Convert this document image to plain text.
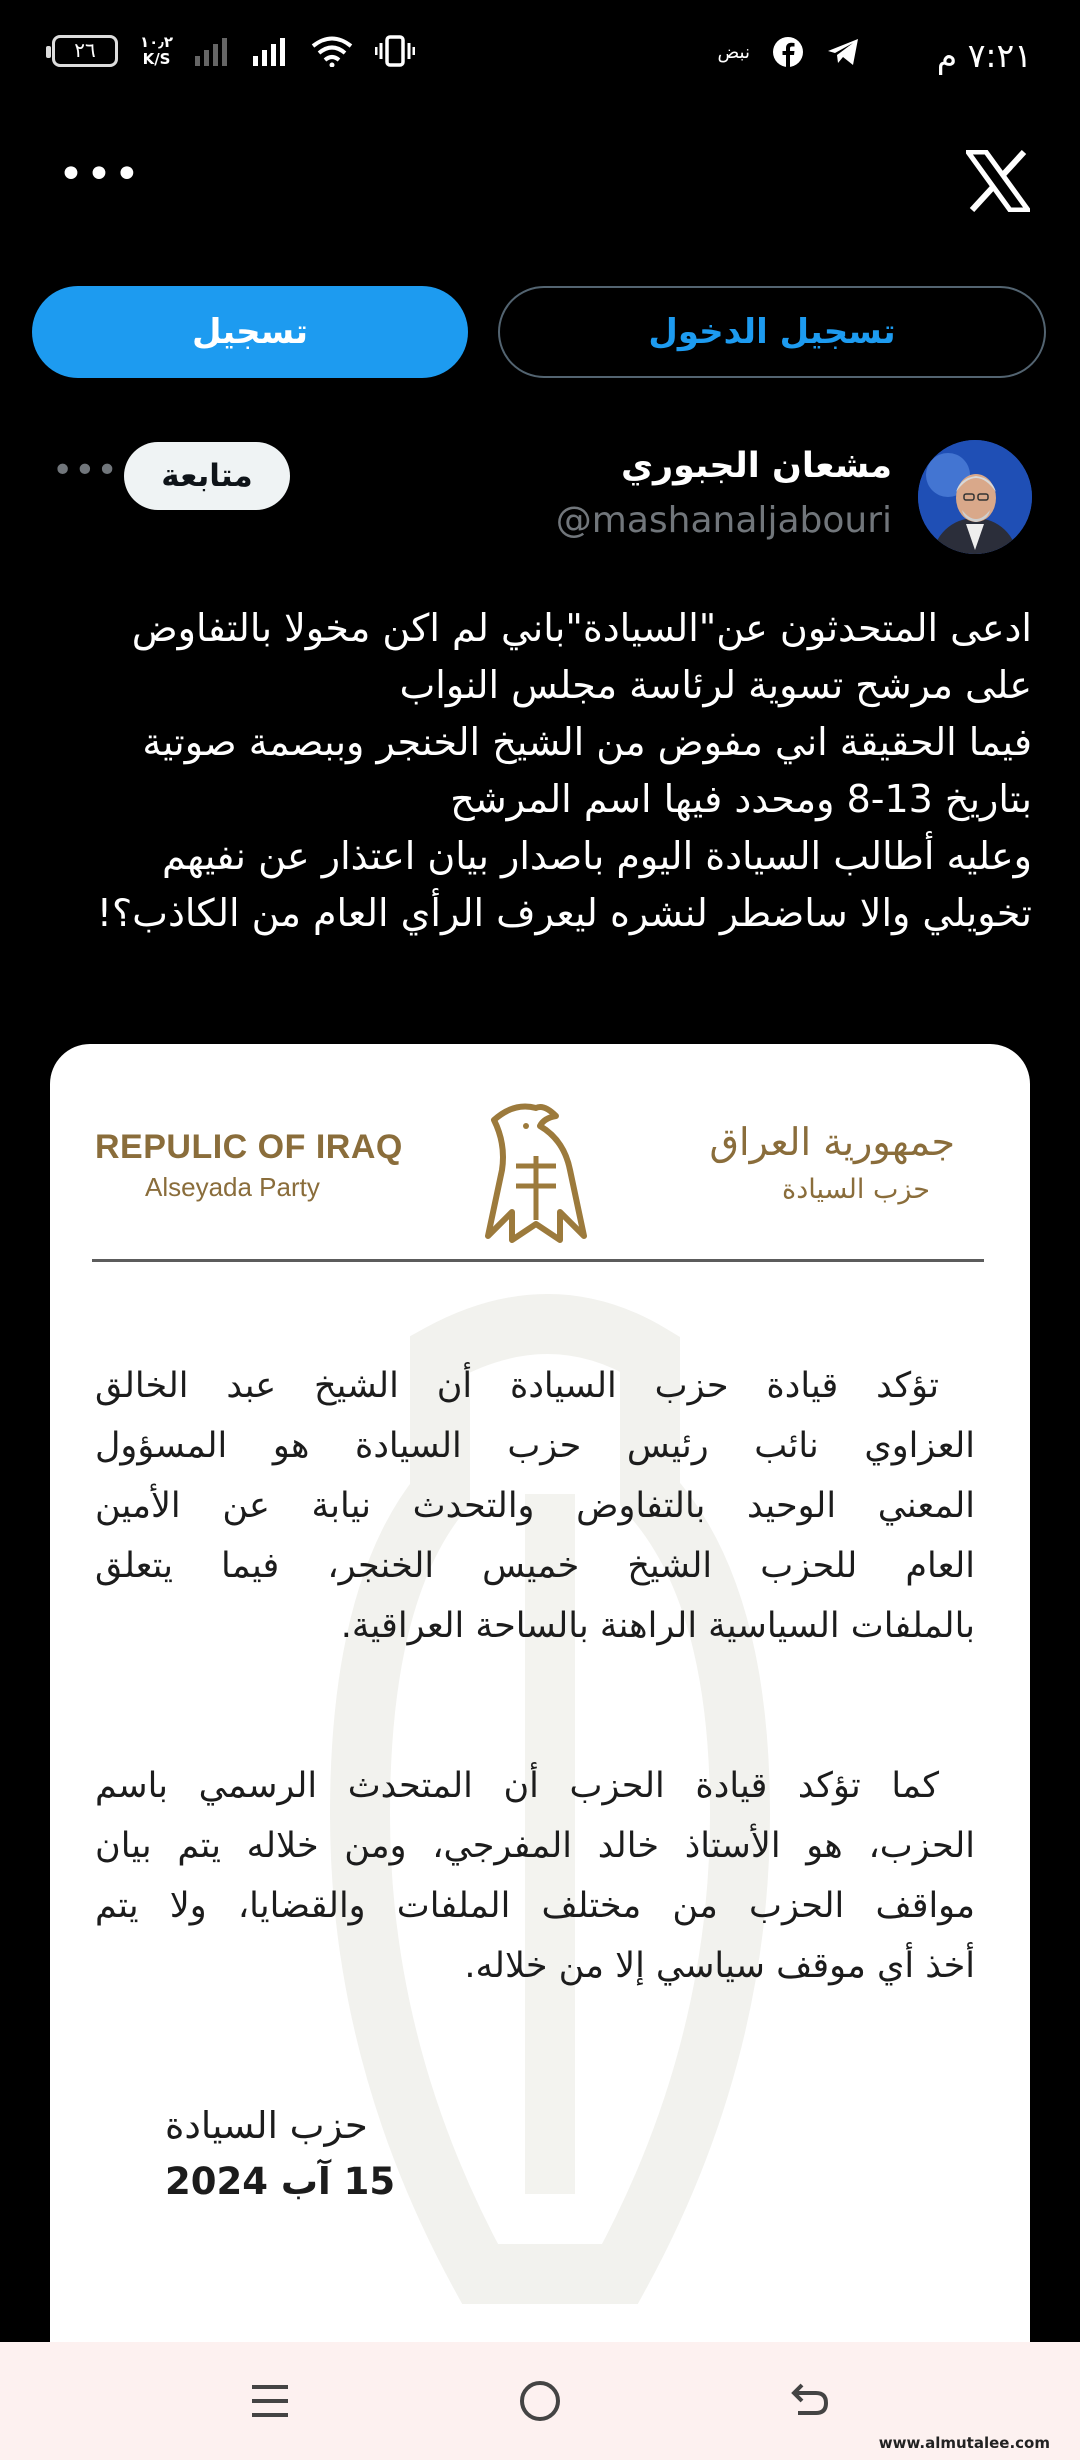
٢٦	١٠٫٢
K/S	نبض	٧:٢١ م
•••
تسجيل الدخول
تسجيل
مشعان الجبوري
@mashanaljabouri
متابعة
•••

ادعى المتحدثون عن"السيادة"باني لم اكن مخولا بالتفاوض

على مرشح تسوية لرئاسة مجلس النواب

فيما الحقيقة اني مفوض من الشيخ الخنجر وببصمة صوتية

بتاريخ 13-8 ومحدد فيها اسم المرشح

وعليه أطالب السيادة اليوم باصدار بيان اعتذار عن نفيهم

تخويلي والا ساضطر لنشره ليعرف الرأي العام من الكاذب؟!

REPULIC OF IRAQ
Alseyada Party
جمهورية العراق
حزب السيادة
تؤكد قيادة حزب السيادة أن الشيخ عبد الخالق
العزاوي نائب رئيس حزب السيادة هو المسؤول
المعني الوحيد بالتفاوض والتحدث نيابة عن الأمين
العام للحزب الشيخ خميس الخنجر، فيما يتعلق
بالملفات السياسية الراهنة بالساحة العراقية.
كما تؤكد قيادة الحزب أن المتحدث الرسمي باسم
الحزب، هو الأستاذ خالد المفرجي، ومن خلاله يتم بيان
مواقف الحزب من مختلف الملفات والقضايا، ولا يتم
أخذ أي موقف سياسي إلا من خلاله.
حزب السيادة
15 آب 2024
www.almutalee.com
